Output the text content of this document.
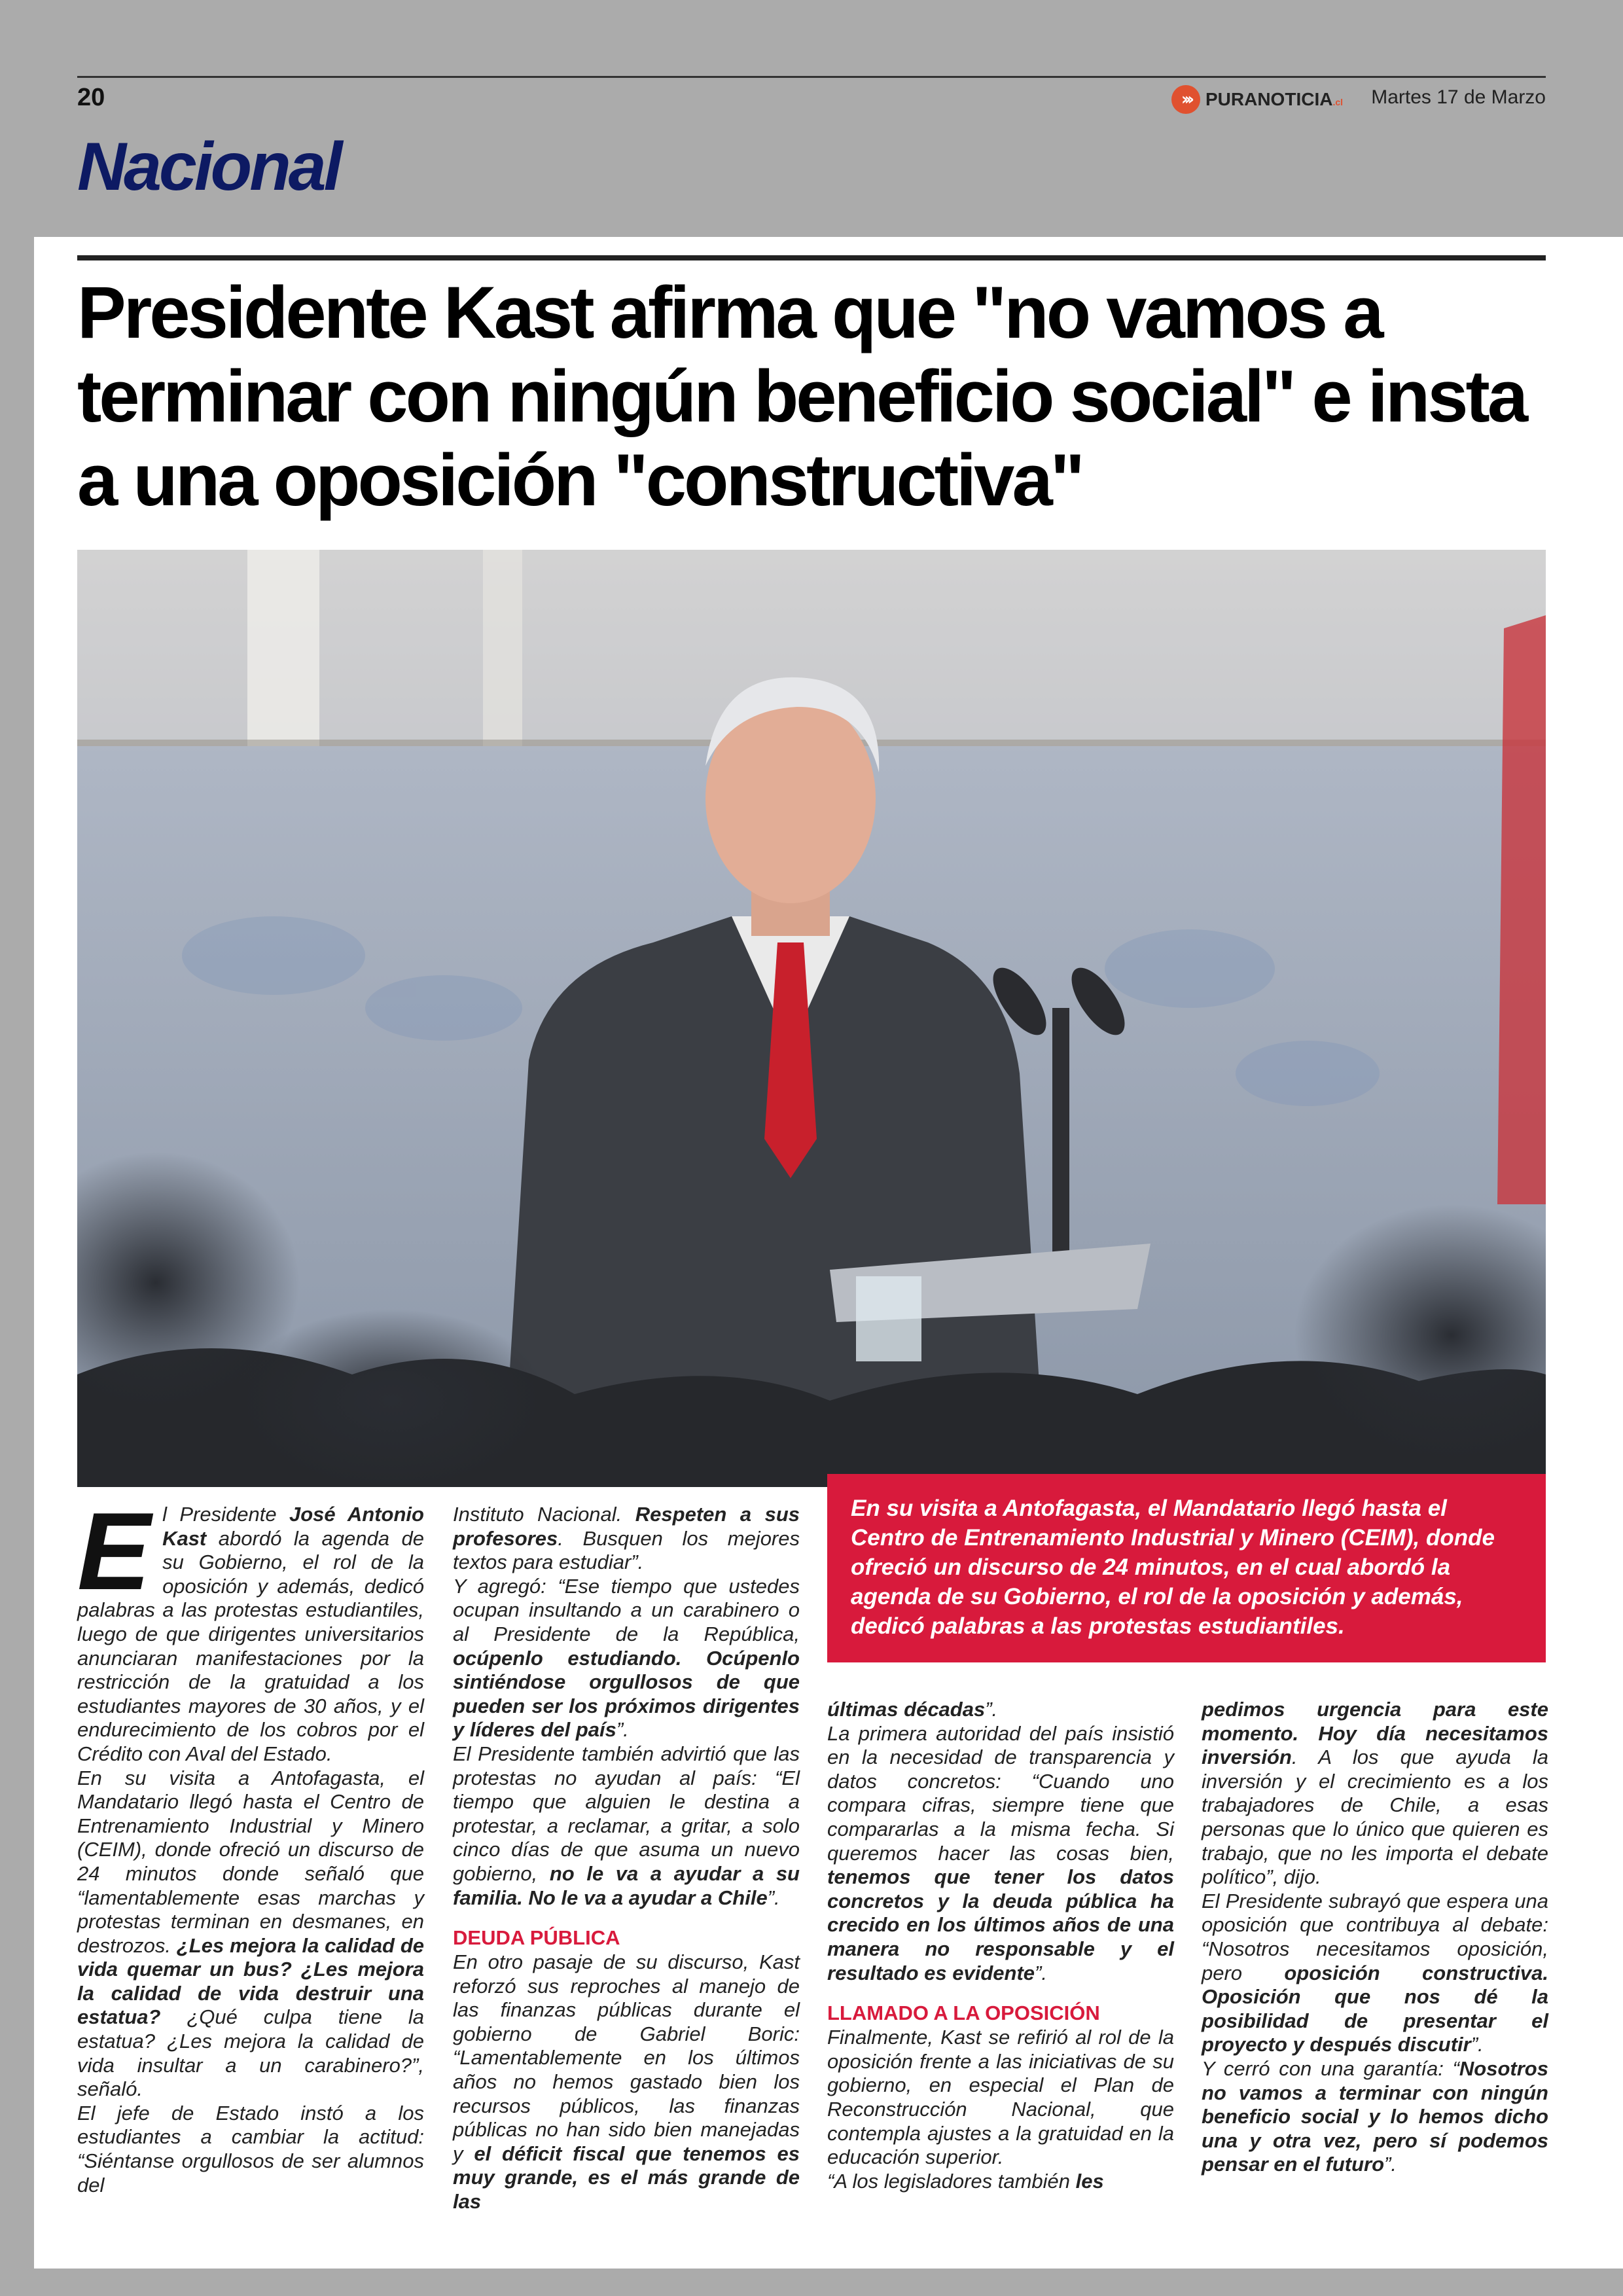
20	››› PURANOTICIA.cl Martes 17 de Marzo
Nacional
Presidente Kast afirma que "no vamos a terminar con ningún beneficio social" e insta a una oposición "constructiva"
En su visita a Antofagasta, el Mandatario llegó hasta el Centro de Entrenamiento Industrial y Minero (CEIM), donde ofreció un discurso de 24 minutos, en el cual abordó la agenda de su Gobierno, el rol de la oposición y además, dedicó palabras a las protestas estudiantiles.

El Presidente José Antonio Kast abordó la agenda de su Gobierno, el rol de la oposición y además, dedicó palabras a las protestas estudiantiles, luego de que dirigentes universitarios anunciaran manifestaciones por la restricción de la gratuidad a los estudiantes mayores de 30 años, y el endurecimiento de los cobros por el Crédito con Aval del Estado.

En su visita a Antofagasta, el Mandatario llegó hasta el Centro de Entrenamiento Industrial y Minero (CEIM), donde ofreció un discurso de 24 minutos donde señaló que “lamentablemente esas marchas y protestas terminan en desmanes, en destrozos. ¿Les mejora la calidad de vida quemar un bus? ¿Les mejora la calidad de vida destruir una estatua? ¿Qué culpa tiene la estatua? ¿Les mejora la calidad de vida insultar a un carabinero?”, señaló.

El jefe de Estado instó a los estudiantes a cambiar la actitud: “Siéntanse orgullosos de ser alumnos del

Instituto Nacional. Respeten a sus profesores. Busquen los mejores textos para estudiar”.

Y agregó: “Ese tiempo que ustedes ocupan insultando a un carabinero o al Presidente de la República, ocúpenlo estudiando. Ocúpenlo sintiéndose orgullosos de que pueden ser los próximos dirigentes y líderes del país”.

El Presidente también advirtió que las protestas no ayudan al país: “El tiempo que alguien le destina a protestar, a reclamar, a gritar, a solo cinco días de que asuma un nuevo gobierno, no le va a ayudar a su familia. No le va a ayudar a Chile”.

DEUDA PÚBLICA

En otro pasaje de su discurso, Kast reforzó sus reproches al manejo de las finanzas públicas durante el gobierno de Gabriel Boric: “Lamentablemente en los últimos años no hemos gastado bien los recursos públicos, las finanzas públicas no han sido bien manejadas y el déficit fiscal que tenemos es muy grande, es el más grande de las

últimas décadas”.

La primera autoridad del país insistió en la necesidad de transparencia y datos concretos: “Cuando uno compara cifras, siempre tiene que compararlas a la misma fecha. Si queremos hacer las cosas bien, tenemos que tener los datos concretos y la deuda pública ha crecido en los últimos años de una manera no responsable y el resultado es evidente”.

LLAMADO A LA OPOSICIÓN

Finalmente, Kast se refirió al rol de la oposición frente a las iniciativas de su gobierno, en especial el Plan de Reconstrucción Nacional, que contempla ajustes a la gratuidad en la educación superior.

“A los legisladores también les

pedimos urgencia para este momento. Hoy día necesitamos inversión. A los que ayuda la inversión y el crecimiento es a los trabajadores de Chile, a esas personas que lo único que quieren es trabajo, que no les importa el debate político”, dijo.

El Presidente subrayó que espera una oposición que contribuya al debate: “Nosotros necesitamos oposición, pero oposición constructiva. Oposición que nos dé la posibilidad de presentar el proyecto y después discutir”.

Y cerró con una garantía: “Nosotros no vamos a terminar con ningún beneficio social y lo hemos dicho una y otra vez, pero sí podemos pensar en el futuro”.
